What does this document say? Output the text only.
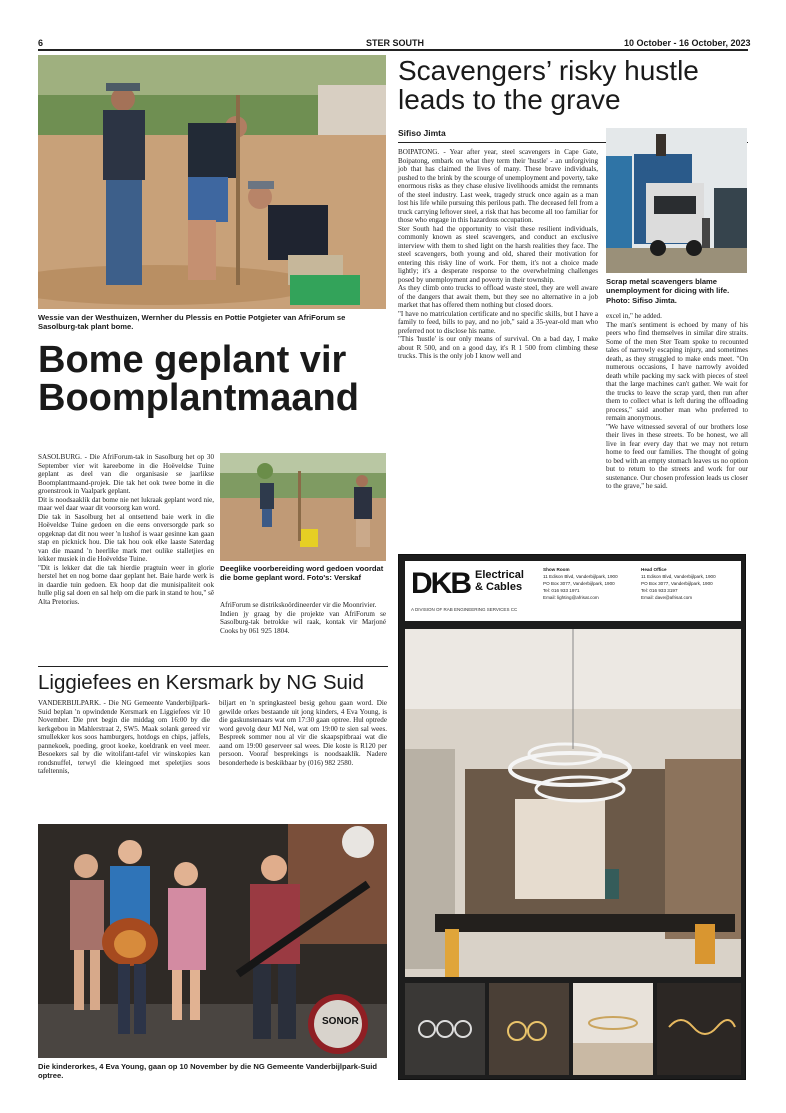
6	STER SOUTH	10 October - 16 October, 2023
Wessie van der Westhuizen, Wernher du Plessis en Pottie Potgieter van AfriForum se Sasolburg-tak plant bome.
Bome geplant vir Boomplantmaand

SASOLBURG. - Die AfriForum-tak in Sasolburg het op 30 September vier wit kareebome in die Hoëveldse Tuine geplant as deel van die organisasie se jaarlikse Boomplantmaand-projek. Die tak het ook twee bome in die groenstrook in Vaalpark geplant.

Dit is noodsaaklik dat bome nie net lukraak geplant word nie, maar wel daar waar dit voorsorg kan word.

Die tak in Sasolburg het al ontsettend baie werk in die Hoëveldse Tuine gedoen en die eens onversorgde park so opgeknap dat dit nou weer 'n lushof is waar gesinne kan gaan stap en picknick hou. Die tak hou ook elke laaste Saterdag van die maand 'n heerlike mark met oulike stalletjies en lekker musiek in die Hoëveldse Tuine.

"Dit is lekker dat die tak hierdie pragtuin weer in glorie herstel het en nog bome daar geplant het. Baie harde werk is in daardie tuin gedoen. Ek hoop dat die munisipaliteit ook hulle plig sal doen en sal help om die park in stand te hou," sê Alta Pretorius.

Deeglike voorbereiding word gedoen voordat die bome geplant word. Foto's: Verskaf

AfriForum se distrikskoördineerder vir die Moonrivier.

Indien jy graag by die projekte van AfriForum se Sasolburg-tak betrokke wil raak, kontak vir Marjoné Cooks by 061 925 1804.

Liggiefees en Kersmark by NG Suid
VANDERBIJLPARK. - Die NG Gemeente Vanderbijlpark-Suid beplan 'n opwindende Kersmark en Liggiefees vir 10 November. Die pret begin die middag om 16:00 by die kerkgebou in Mahlerstraat 2, SW5. Maak solank gereed vir smullekker kos soos hamburgers, hotdogs en chips, jaffels, pannekoek, poeding, groot koeke, koeldrank en veel meer. Besoekers sal by die witolifant-tafel vir winskopies kan rondsnuffel, terwyl die kleingoed met speletjies soos tafeltennis,
biljart en 'n springkasteel besig gehou gaan word. Die gewilde orkes bestaande uit jong kinders, 4 Eva Young, is die gaskunstenaars wat om 17:30 gaan optree. Hul optrede word gevolg deur MJ Nel, wat om 19:00 te sien sal wees. Bespreek sommer nou al vir die skaapspitbraai wat die aand om 19:00 geserveer sal wees. Die koste is R120 per persoon. Vooraf besprekings is noodsaaklik. Nadere besonderhede is beskikbaar by (016) 982 2580.
SONOR
Die kinderorkes, 4 Eva Young, gaan op 10 November by die NG Gemeente Vanderbijlpark-Suid optree.
Scavengers’ risky hustle leads to the grave
Sifiso Jimta

BOIPATONG. - Year after year, steel scavengers in Cape Gate, Boipatong, embark on what they term their 'hustle' - an unforgiving job that has claimed the lives of many. These brave individuals, pushed to the brink by the scourge of unemployment and poverty, take enormous risks as they chase elusive livelihoods amidst the remnants of the steel industry. Last week, tragedy struck once again as a man lost his life while pursuing this perilous path. The deceased fell from a truck carrying leftover steel, a risk that has become all too familiar for those who engage in this hazardous occupation.

Ster South had the opportunity to visit these resilient individuals, commonly known as steel scavengers, and conduct an exclusive interview with them to shed light on the harsh realities they face. The steel scavengers, both young and old, shared their motivation for entering this risky line of work. For them, it's not a choice made lightly; it's a desperate response to the overwhelming challenges posed by unemployment and poverty in their township.

As they climb onto trucks to offload waste steel, they are well aware of the dangers that await them, but they see no alternative in a job market that has offered them nothing but closed doors.

"I have no matriculation certificate and no specific skills, but I have a family to feed, bills to pay, and no job," said a 35-year-old man who preferred not to disclose his name.

"This 'hustle' is our only means of survival. On a bad day, I make about R 500, and on a good day, it's R 1 500 from climbing these trucks. This is the only job I know well and

Scrap metal scavengers blame unemployment for dicing with life. Photo: Sifiso Jimta.

excel in," he added.

The man's sentiment is echoed by many of his peers who find themselves in similar dire straits. Some of the men Ster Team spoke to recounted tales of narrowly escaping injury, and sometimes death, as they struggled to make ends meet. "On numerous occasions, I have narrowly avoided death while packing my sack with pieces of steel that the large machines can't gather. We wait for the trucks to leave the scrap yard, then run after them to collect what is left during the offloading process," said another man who preferred to remain anonymous.

"We have witnessed several of our brothers lose their lives in these streets. To be honest, we all live in fear every day that we may not return home to feed our families. The thought of going to bed with an empty stomach leaves us no option but to return to the streets and work for our sustenance. Our chosen profession leads us closer to the grave," he said.

DKB Electrical
& Cables
A DIVISION OF RAB ENGINEERING SERVICES CC
Show Room
11 Edison Blvd, Vanderbijlpark, 1900
PO Box 3077, Vanderbijlpark, 1900
Tel: 016 933 1971
Email: lighting@afrisat.com
Head Office
11 Edison Blvd, Vanderbijlpark, 1900
PO Box 3077, Vanderbijlpark, 1900
Tel: 016 933 3197
Email: dave@afrisat.com
